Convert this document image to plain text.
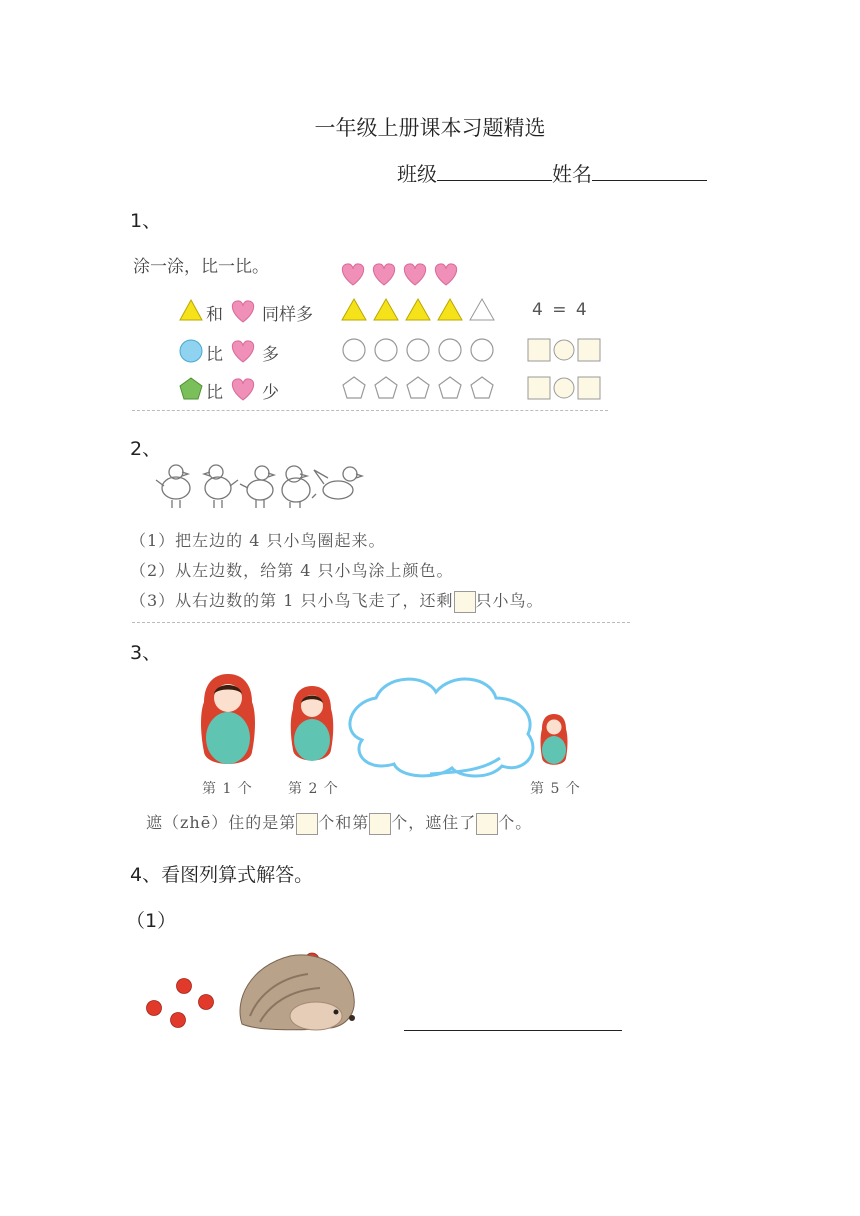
一年级上册课本习题精选
班级	姓名
1、
涂一涂，比一比。
和 同样多	4 = 4
比 多
比 少
2、
（1）把左边的 4 只小鸟圈起来。
（2）从左边数，给第 4 只小鸟涂上颜色。
（3）从右边数的第 1 只小鸟飞走了，还剩 只小鸟。
3、
第 1 个	第 2 个	第 5 个
遮（zhē）住的是第 个和第 个，遮住了 个。
4、看图列算式解答。
（1）
